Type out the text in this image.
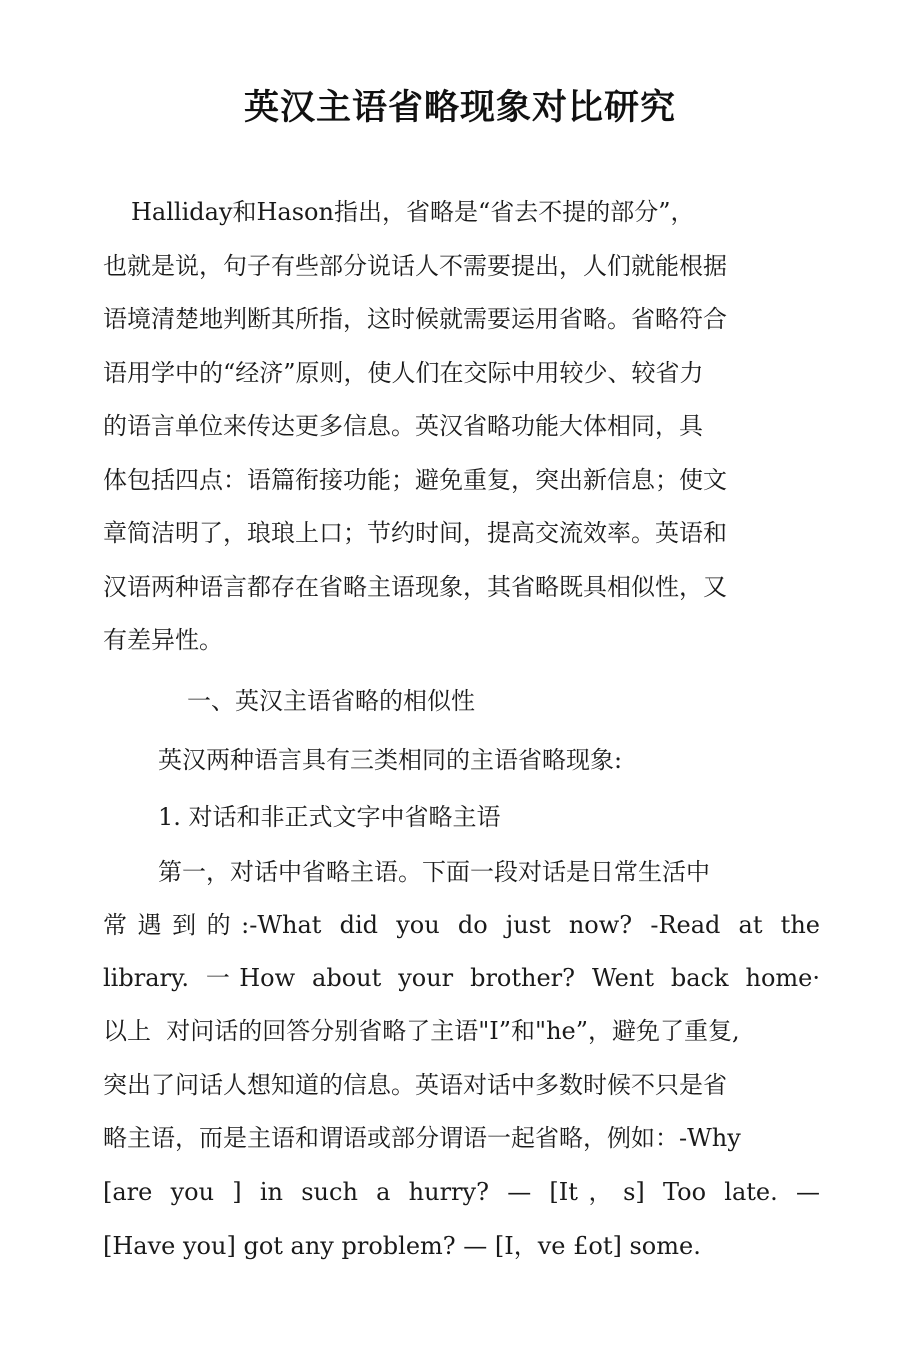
英汉主语省略现象对比研究
Halliday和Hason指出，省略是“省去不提的部分”，
也就是说，句子有些部分说话人不需要提出，人们就能根据
语境清楚地判断其所指，这时候就需要运用省略。省略符合
语用学中的“经济”原则，使人们在交际中用较少、较省力
的语言单位来传达更多信息。英汉省略功能大体相同，具
体包括四点：语篇衔接功能；避免重复，突出新信息；使文
章简洁明了，琅琅上口；节约时间，提高交流效率。英语和
汉语两种语言都存在省略主语现象，其省略既具相似性，又
有差异性。
一、英汉主语省略的相似性
英汉两种语言具有三类相同的主语省略现象:
1. 对话和非正式文字中省略主语
第一，对话中省略主语。下面一段对话是日常生活中
常遇到的:-What did you do just now? -Read at the
library. 一How about your brother? Went back home·
以上  对问话的回答分别省略了主语"I”和"he”，避免了重复,
突出了问话人想知道的信息。英语对话中多数时候不只是省
略主语，而是主语和谓语或部分谓语一起省略，例如：-Why
[are you ] in such a hurry? — [It，s] Too late. —
[Have you] got any problem? — [I，ve £ot] some.
